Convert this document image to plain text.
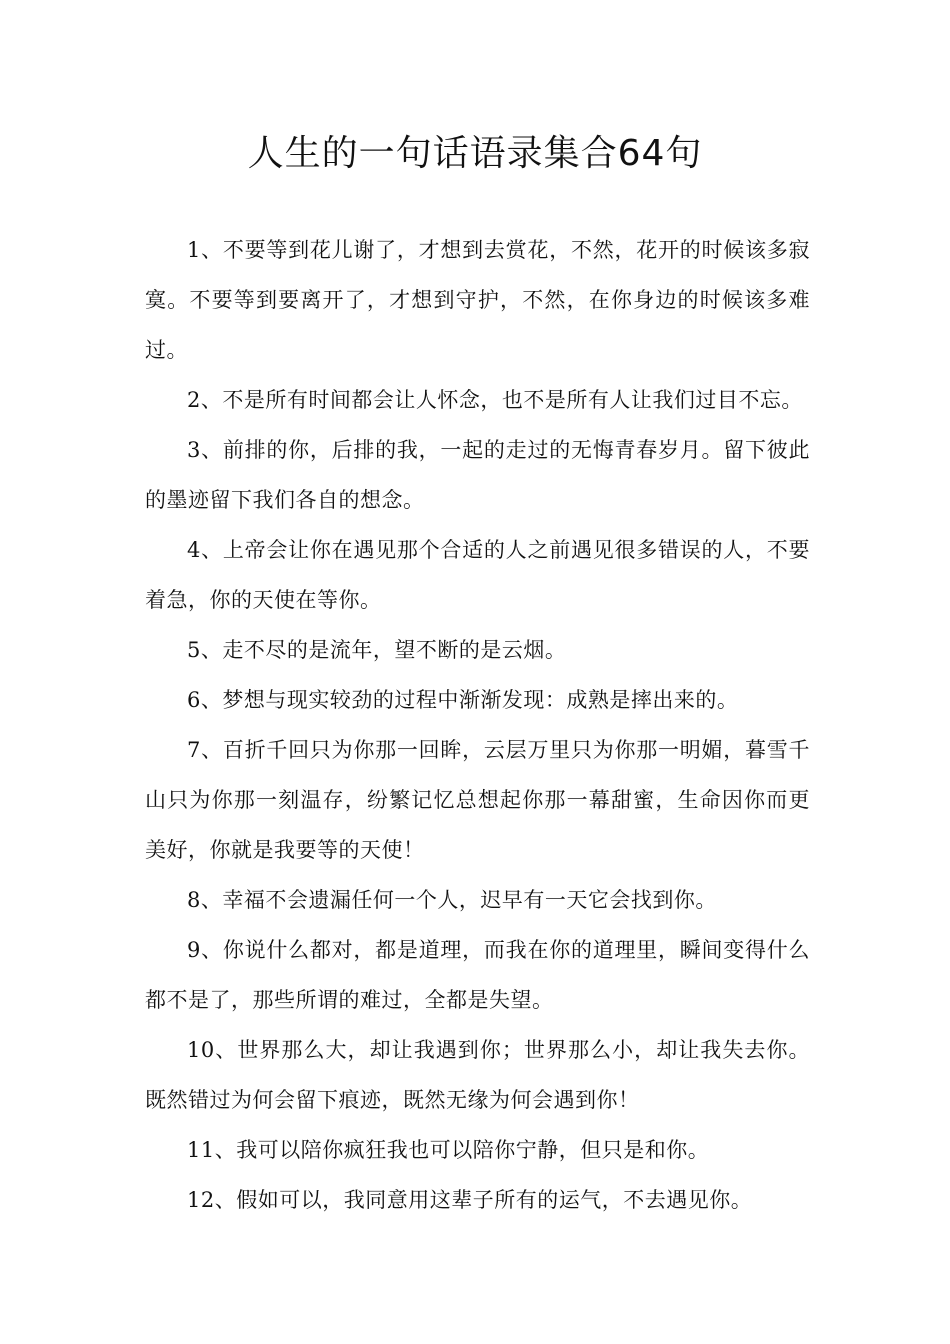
人生的一句话语录集合64句

1、不要等到花儿谢了，才想到去赏花，不然，花开的时候该多寂寞。不要等到要离开了，才想到守护，不然，在你身边的时候该多难过。

2、不是所有时间都会让人怀念，也不是所有人让我们过目不忘。

3、前排的你，后排的我，一起的走过的无悔青春岁月。留下彼此的墨迹留下我们各自的想念。

4、上帝会让你在遇见那个合适的人之前遇见很多错误的人，不要着急，你的天使在等你。

5、走不尽的是流年，望不断的是云烟。

6、梦想与现实较劲的过程中渐渐发现：成熟是摔出来的。

7、百折千回只为你那一回眸，云层万里只为你那一明媚，暮雪千山只为你那一刻温存，纷繁记忆总想起你那一幕甜蜜，生命因你而更美好，你就是我要等的天使！

8、幸福不会遗漏任何一个人，迟早有一天它会找到你。

9、你说什么都对，都是道理，而我在你的道理里，瞬间变得什么都不是了，那些所谓的难过，全都是失望。

10、世界那么大，却让我遇到你；世界那么小，却让我失去你。既然错过为何会留下痕迹，既然无缘为何会遇到你！

11、我可以陪你疯狂我也可以陪你宁静，但只是和你。

12、假如可以，我同意用这辈子所有的运气，不去遇见你。
